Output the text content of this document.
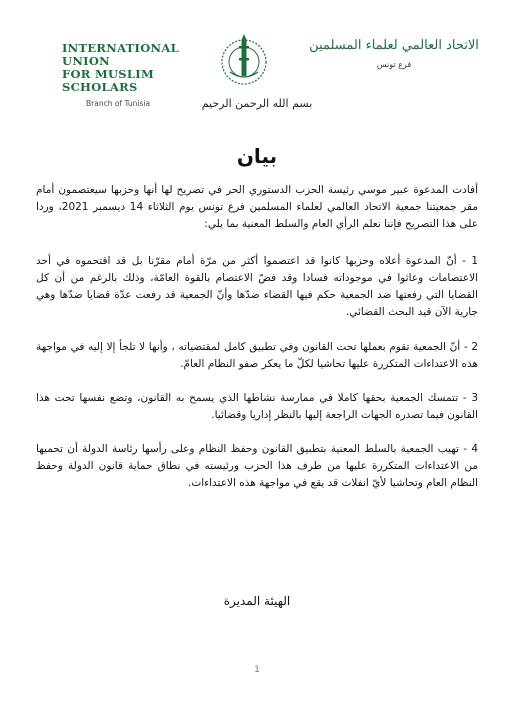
INTERNATIONAL UNION
FOR MUSLIM SCHOLARS
Branch of Tunisia
الاتحاد العالمي لعلماء المسلمين
فرع تونس
بسم الله الرحمن الرحيم
بيان

أفادت المدعوة عبير موسي رئيسة الحزب الدستوري الحر في تصريح لها أنها وحزبها سيعتصمون أمام مقر جمعيتنا جمعية الاتحاد العالمي لعلماء المسلمين فرع تونس يوم الثلاثاء 14 ديسمبر 2021، وردا على هذا التصريح فإننا نعلم الرأي العام والسلط المعنية بما يلي:

1 - أنّ المدعوة أعلاه وحزبها كانوا قد اعتصموا أكثر من مرّة أمام مقرّنا بل قد اقتحموه في أحد الاعتصامات وعاثوا في موجوداته فسادا وقد فضّ الاعتصام بالقوة العامّة، وذلك بالرغم من أن كل القضايا التي رفعتها ضد الجمعية حكم فيها القضاء ضدّها وأنّ الجمعية قد رفعت عدّة قضايا ضدّها وهي جارية الآن قيد البحث القضائي.

2 - أنّ الجمعية تقوم بعملها تحت القانون وفي تطبيق كامل لمقتضياته ، وأنها لا تلجأ إلا إليه في مواجهة هذه الاعتداءات المتكررة عليها تحاشيا لكلّ ما يعكر صفو النظام العامّ.

3 - تتمسك الجمعية بحقها كاملا في ممارسة نشاطها الذي يسمح به القانون، وتضع نفسها تحت هذا القانون فيما تصدره الجهات الراجعة إليها بالنظر إداريا وقضائيا.

4 - تهيب الجمعية بالسلط المعنية بتطبيق القانون وحفظ النظام وعلى رأسها رئاسة الدولة أن تحميها من الاعتداءات المتكررة عليها من طرف هذا الحزب ورئيسته في نطاق حماية قانون الدولة وحفظ النظام العام وتحاشيا لأيّ انفلات قد يقع في مواجهة هذه الاعتداءات.

الهيئة المديرة
1
